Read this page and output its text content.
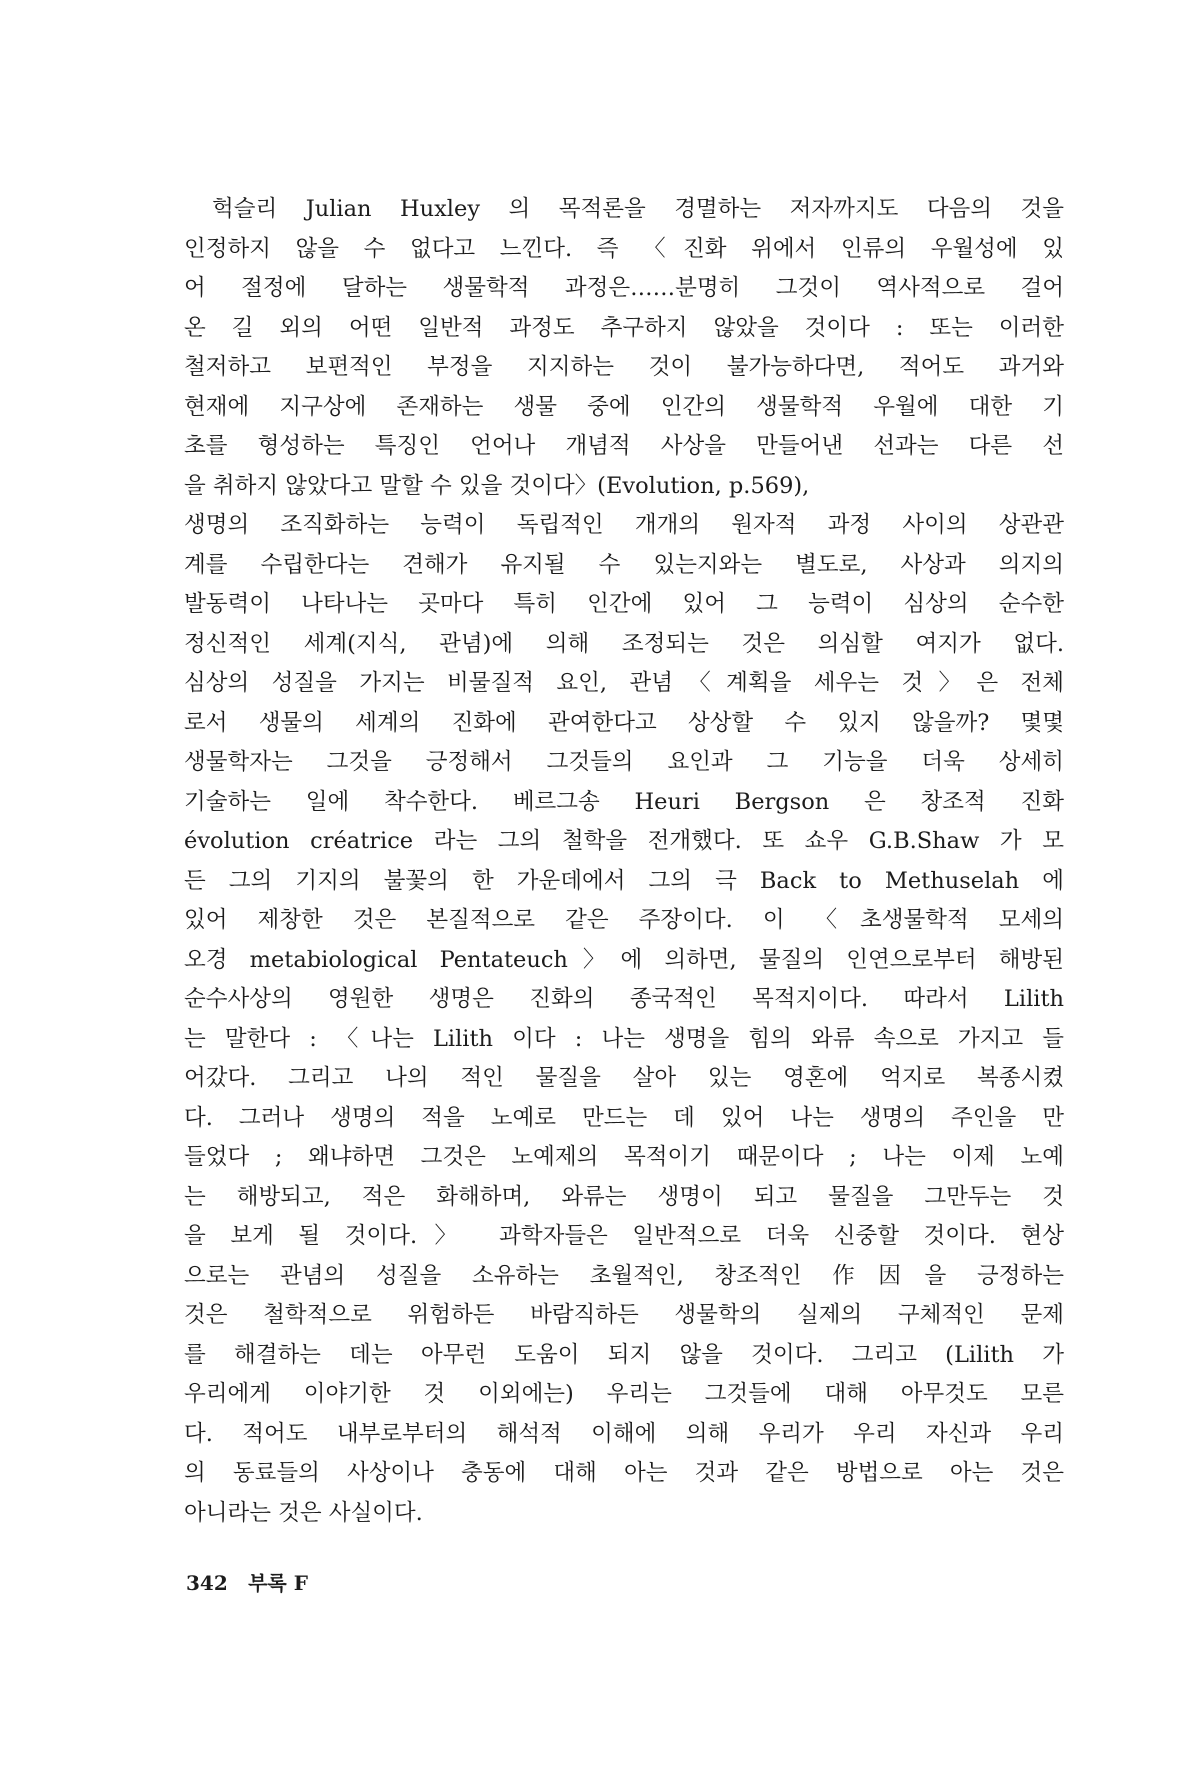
헉슬리 Julian Huxley 의 목적론을 경멸하는 저자까지도 다음의 것을
인정하지 않을 수 없다고 느낀다. 즉 〈진화 위에서 인류의 우월성에 있
어 절정에 달하는 생물학적 과정은……분명히 그것이 역사적으로 걸어
온 길 외의 어떤 일반적 과정도 추구하지 않았을 것이다 : 또는 이러한
철저하고 보편적인 부정을 지지하는 것이 불가능하다면, 적어도 과거와
현재에 지구상에 존재하는 생물 중에 인간의 생물학적 우월에 대한 기
초를 형성하는 특징인 언어나 개념적 사상을 만들어낸 선과는 다른 선
을 취하지 않았다고 말할 수 있을 것이다〉(Evolution, p.569),
생명의 조직화하는 능력이 독립적인 개개의 원자적 과정 사이의 상관관
계를 수립한다는 견해가 유지될 수 있는지와는 별도로, 사상과 의지의
발동력이 나타나는 곳마다 특히 인간에 있어 그 능력이 심상의 순수한
정신적인 세계(지식, 관념)에 의해 조정되는 것은 의심할 여지가 없다.
심상의 성질을 가지는 비물질적 요인, 관념〈계획을 세우는 것〉은 전체
로서 생물의 세계의 진화에 관여한다고 상상할 수 있지 않을까? 몇몇
생물학자는 그것을 긍정해서 그것들의 요인과 그 기능을 더욱 상세히
기술하는 일에 착수한다. 베르그송 Heuri Bergson 은 창조적 진화
évolution créatrice 라는 그의 철학을 전개했다. 또 쇼우 G.B.Shaw 가 모
든 그의 기지의 불꽃의 한 가운데에서 그의 극 Back to Methuselah 에
있어 제창한 것은 본질적으로 같은 주장이다. 이 〈초생물학적 모세의
오경 metabiological Pentateuch〉에 의하면, 물질의 인연으로부터 해방된
순수사상의 영원한 생명은 진화의 종국적인 목적지이다. 따라서 Lilith
는 말한다 : 〈나는 Lilith 이다 : 나는 생명을 힘의 와류 속으로 가지고 들
어갔다. 그리고 나의 적인 물질을 살아 있는 영혼에 억지로 복종시켰
다. 그러나 생명의 적을 노예로 만드는 데 있어 나는 생명의 주인을 만
들었다 ; 왜냐하면 그것은 노예제의 목적이기 때문이다 ; 나는 이제 노예
는 해방되고, 적은 화해하며, 와류는 생명이 되고 물질을 그만두는 것
을 보게 될 것이다.〉 과학자들은 일반적으로 더욱 신중할 것이다. 현상
으로는 관념의 성질을 소유하는 초월적인, 창조적인 作因을 긍정하는
것은 철학적으로 위험하든 바람직하든 생물학의 실제의 구체적인 문제
를 해결하는 데는 아무런 도움이 되지 않을 것이다. 그리고 (Lilith 가
우리에게 이야기한 것 이외에는) 우리는 그것들에 대해 아무것도 모른
다. 적어도 내부로부터의 해석적 이해에 의해 우리가 우리 자신과 우리
의 동료들의 사상이나 충동에 대해 아는 것과 같은 방법으로 아는 것은
아니라는 것은 사실이다.
342 부록 F
